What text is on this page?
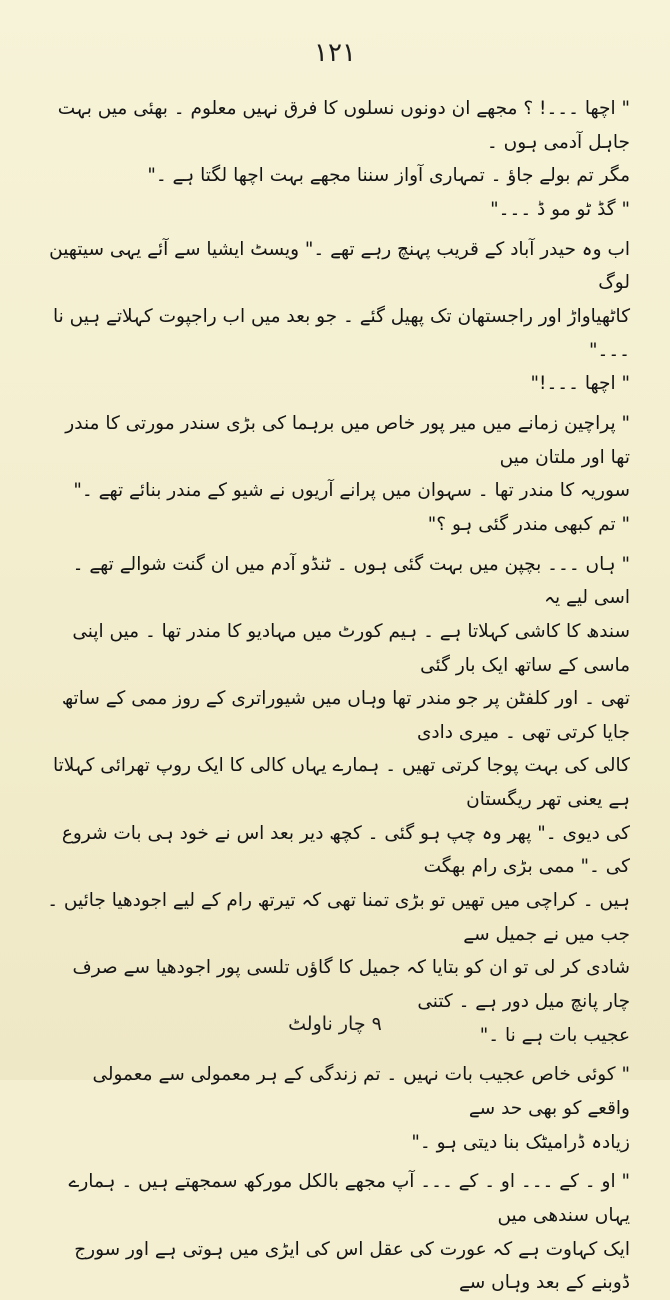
۱۲۱

" اچھا ۔۔۔! ؟ مجھے ان دونوں نسلوں کا فرق نہیں معلوم ۔ بھئی میں بہت جاہل آدمی ہوں ۔

مگر تم بولے جاؤ ۔ تمہاری آواز سننا مجھے بہت اچھا لگتا ہے ۔"

" گڈ ٹو مو ڈ ۔۔۔"

اب وہ حیدر آباد کے قریب پہنچ رہے تھے ۔" ویسٹ ایشیا سے آئے یہی سیتھین لوگ

کاٹھیاواڑ اور راجستھان تک پھیل گئے ۔ جو بعد میں اب راجپوت کہلاتے ہیں نا ۔۔۔"

" اچھا ۔۔۔!"

" پراچین زمانے میں میر پور خاص میں برہما کی بڑی سندر مورتی کا مندر تھا اور ملتان میں

سوریہ کا مندر تھا ۔ سہوان میں پرانے آریوں نے شیو کے مندر بنائے تھے ۔"

" تم کبھی مندر گئی ہو ؟"

" ہاں ۔۔۔ بچپن میں بہت گئی ہوں ۔ ٹنڈو آدم میں ان گنت شوالے تھے ۔ اسی لیے یہ

سندھ کا کاشی کہلاتا ہے ۔ ہیم کورٹ میں مہادیو کا مندر تھا ۔ میں اپنی ماسی کے ساتھ ایک بار گئی

تھی ۔ اور کلفٹن پر جو مندر تھا وہاں میں شیوراتری کے روز ممی کے ساتھ جایا کرتی تھی ۔ میری دادی

کالی کی بہت پوجا کرتی تھیں ۔ ہمارے یہاں کالی کا ایک روپ تھرائی کہلاتا ہے یعنی تھر ریگستان

کی دیوی ۔" پھر وہ چپ ہو گئی ۔ کچھ دیر بعد اس نے خود ہی بات شروع کی ۔" ممی بڑی رام بھگت

ہیں ۔ کراچی میں تھیں تو بڑی تمنا تھی کہ تیرتھ رام کے لیے اجودھیا جائیں ۔ جب میں نے جمیل سے

شادی کر لی تو ان کو بتایا کہ جمیل کا گاؤں تلسی پور اجودھیا سے صرف چار پانچ میل دور ہے ۔ کتنی

عجیب بات ہے نا ۔"

" کوئی خاص عجیب بات نہیں ۔ تم زندگی کے ہر معمولی سے معمولی واقعے کو بھی حد سے

زیادہ ڈرامیٹک بنا دیتی ہو ۔"

" او ۔ کے ۔۔۔ او ۔ کے ۔۔۔ آپ مجھے بالکل مورکھ سمجھتے ہیں ۔ ہمارے یہاں سندھی میں

ایک کہاوت ہے کہ عورت کی عقل اس کی ایڑی میں ہوتی ہے اور سورج ڈوبنے کے بعد وہاں سے

۹ چار ناولٹ
